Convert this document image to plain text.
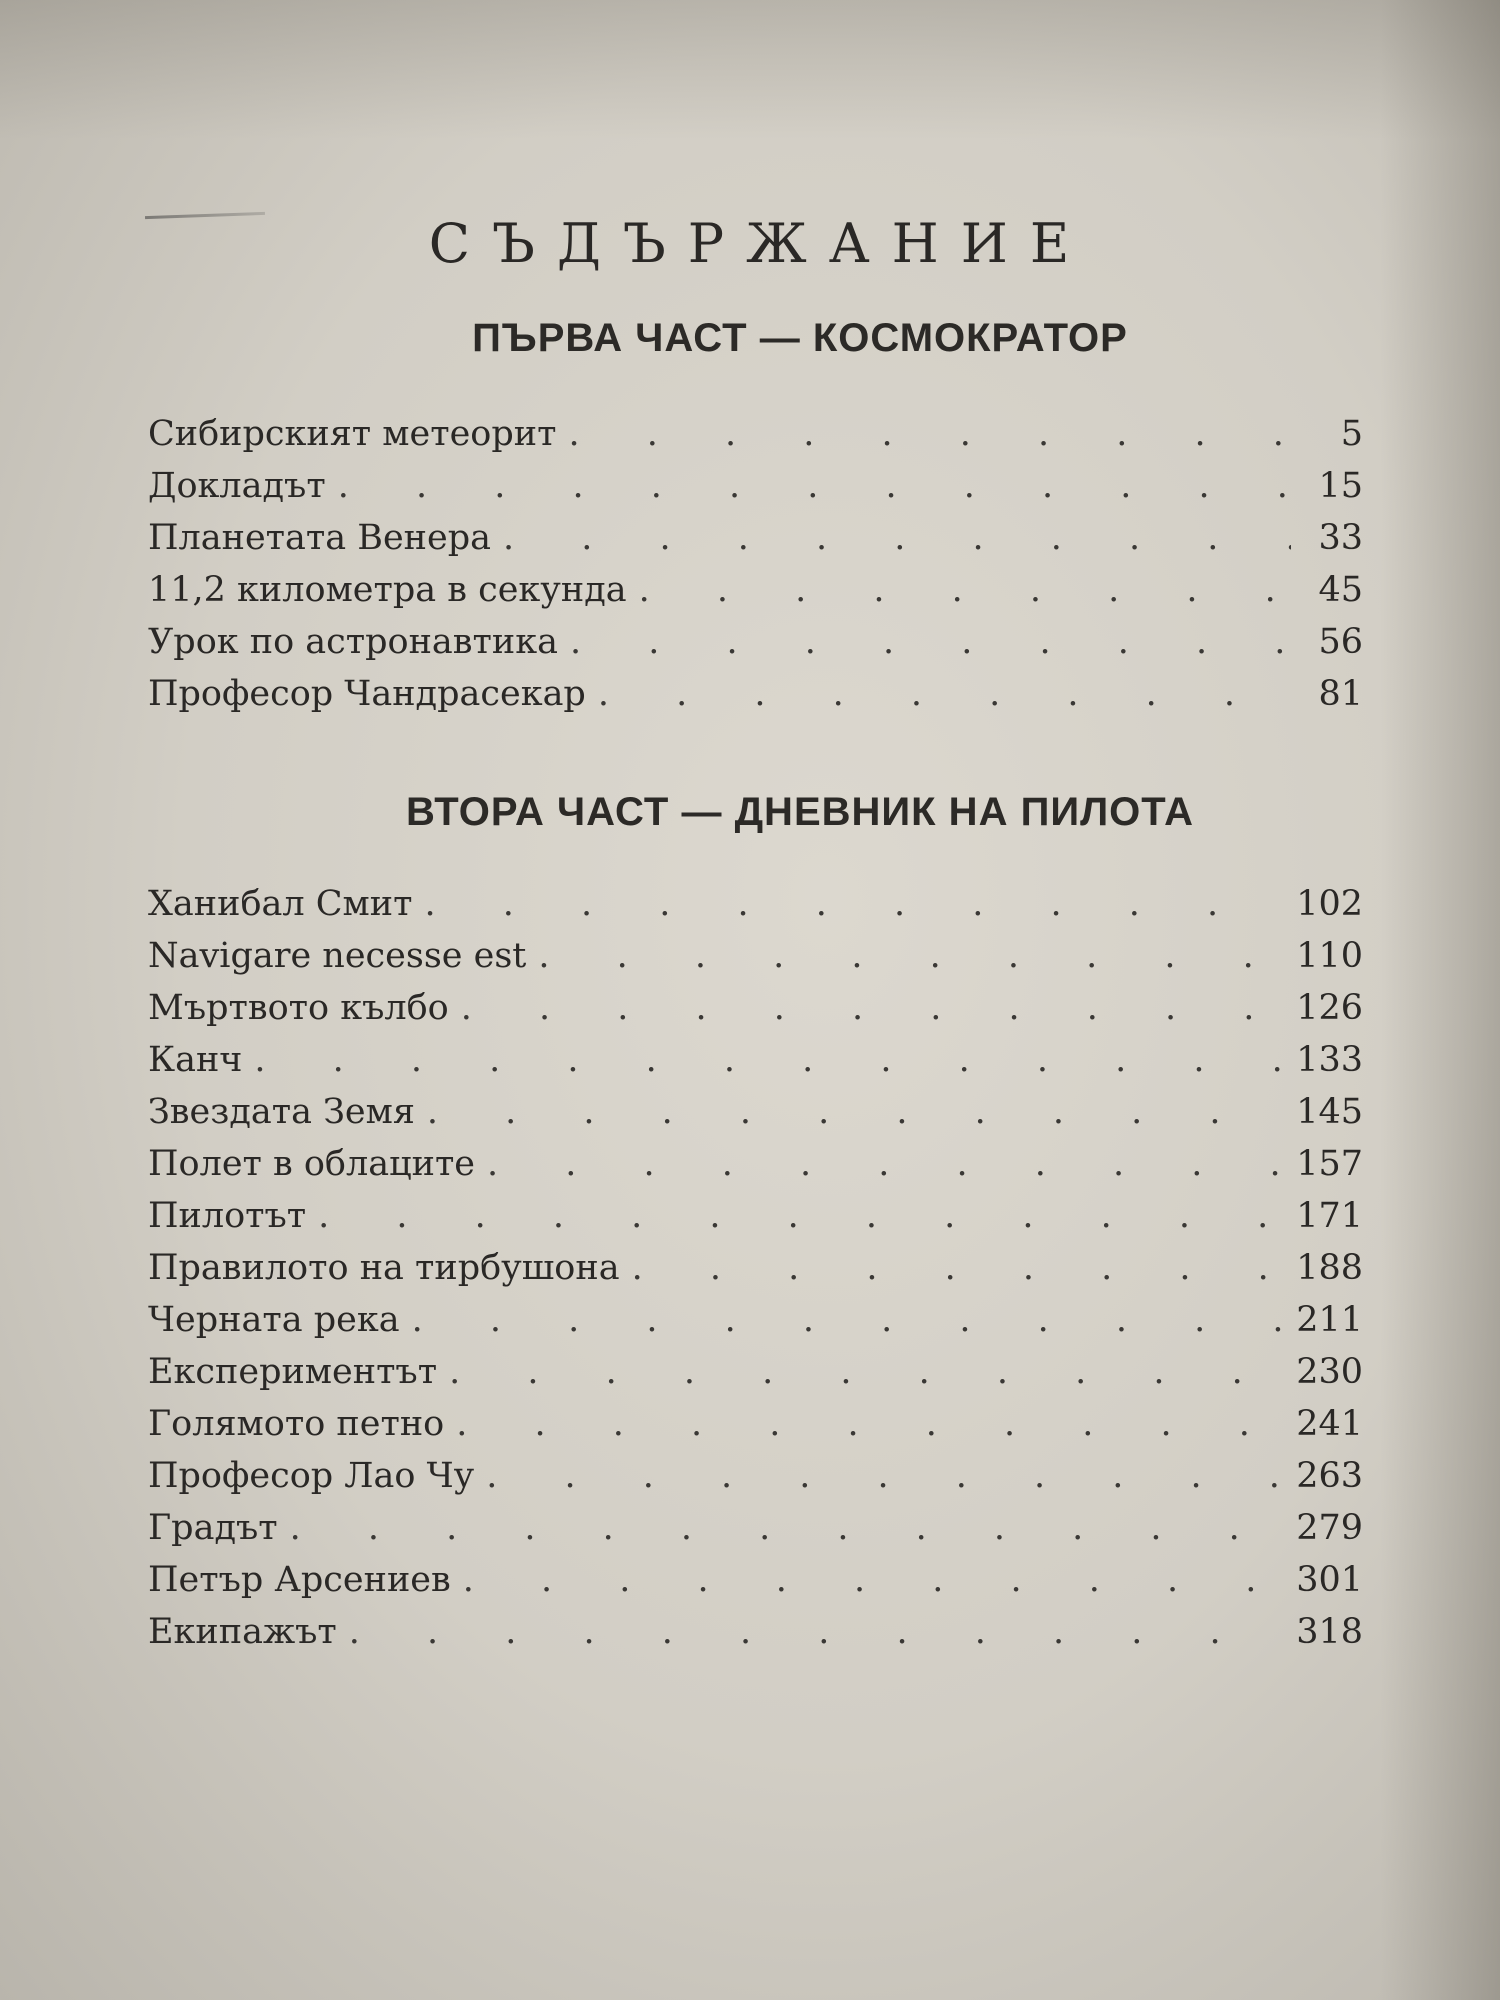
СЪДЪРЖАНИЕ
ПЪРВА ЧАСТ — КОСМОКРАТОР
Сибирският метеорит . . .	5
Докладът . . .	15
Планетата Венера . . .	33
11,2 километра в секунда . . .	45
Урок по астронавтика . . .	56
Професор Чандрасекар . . .	81
ВТОРА ЧАСТ — ДНЕВНИК НА ПИЛОТА
Ханибал Смит . . .	102
Navigare necesse est . . .	110
Мъртвото кълбо . . .	126
Канч . . .	133
Звездата Земя . . .	145
Полет в облаците . . .	157
Пилотът . . .	171
Правилото на тирбушона . . .	188
Черната река . . .	211
Експериментът . . .	230
Голямото петно . . .	241
Професор Лао Чу . . .	263
Градът . . .	279
Петър Арсениев . . .	301
Екипажът . . .	318
